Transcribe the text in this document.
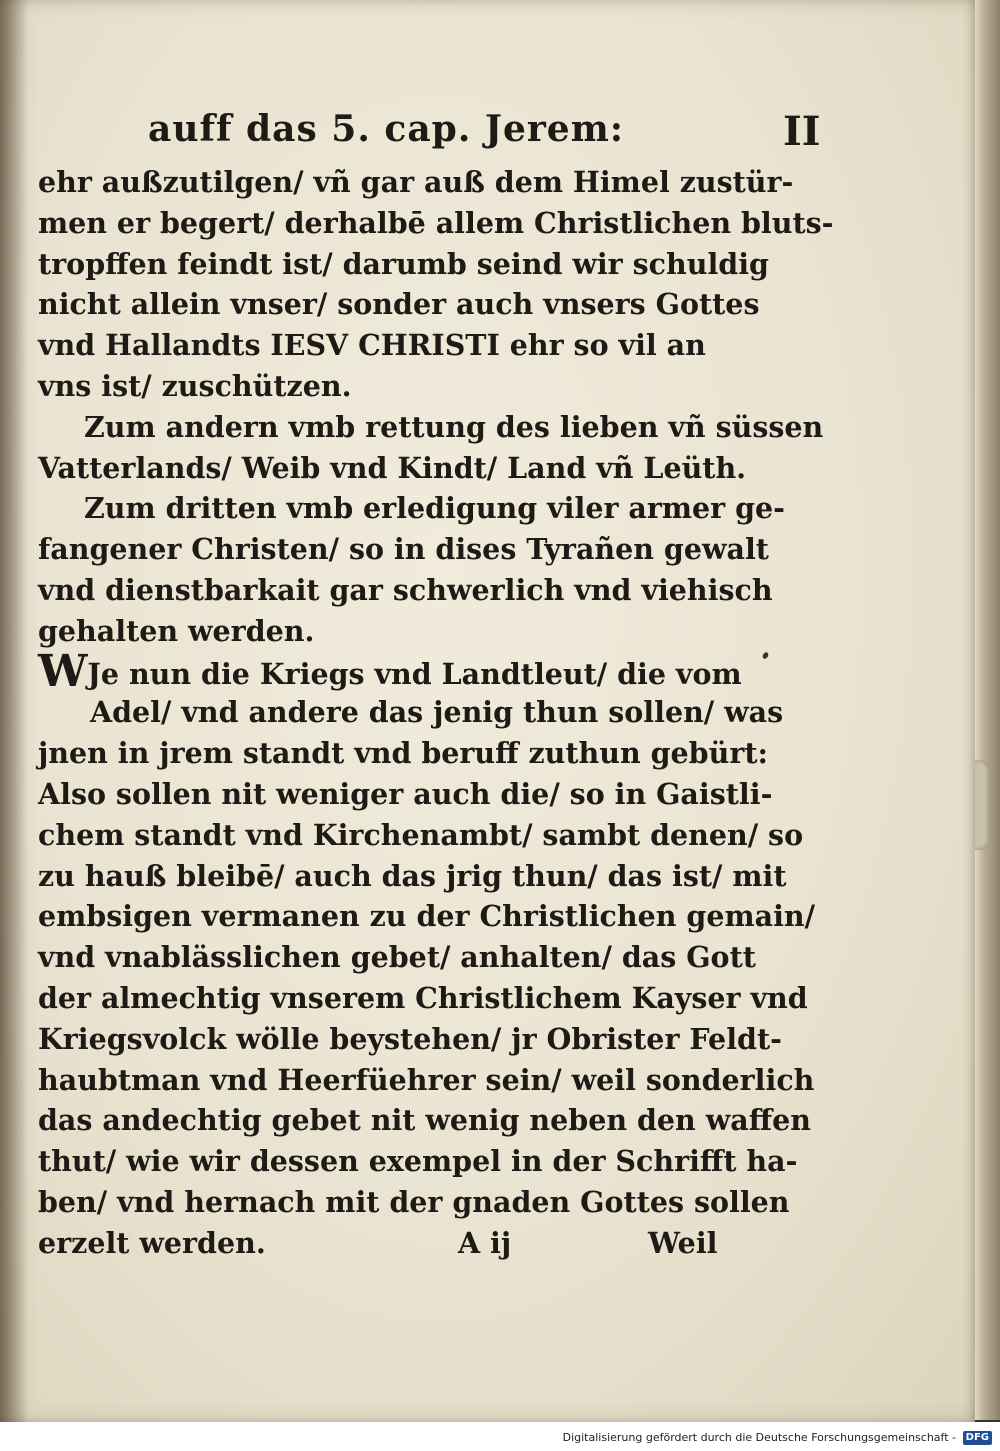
auff das 5. cap. Jerem:	II
ehr außzutilgen/ vñ gar auß dem Himel zustür-
men er begert/ derhalbē allem Christlichen bluts-
tropffen feindt ist/ darumb seind wir schuldig
nicht allein vnser/ sonder auch vnsers Gottes
vnd Hallandts IESV CHRISTI ehr so vil an
vns ist/ zuschützen.
Zum andern vmb rettung des lieben vñ süssen
Vatterlands/ Weib vnd Kindt/ Land vñ Leüth.
Zum dritten vmb erledigung viler armer ge-
fangener Christen/ so in dises Tyrañen gewalt
vnd dienstbarkait gar schwerlich vnd viehisch
gehalten werden.
WJe nun die Kriegs vnd Landtleut/ die vom
Adel/ vnd andere das jenig thun sollen/ was
jnen in jrem standt vnd beruff zuthun gebürt:
Also sollen nit weniger auch die/ so in Gaistli-
chem standt vnd Kirchenambt/ sambt denen/ so
zu hauß bleibē/ auch das jrig thun/ das ist/ mit
embsigen vermanen zu der Christlichen gemain/
vnd vnablässlichen gebet/ anhalten/ das Gott
der almechtig vnserem Christlichem Kayser vnd
Kriegsvolck wölle beystehen/ jr Obrister Feldt-
haubtman vnd Heerfüehrer sein/ weil sonderlich
das andechtig gebet nit wenig neben den waffen
thut/ wie wir dessen exempel in der Schrifft ha-
ben/ vnd hernach mit der gnaden Gottes sollen
erzelt werden.	A ij	Weil
Digitalisierung gefördert durch die Deutsche Forschungsgemeinschaft - DFG
